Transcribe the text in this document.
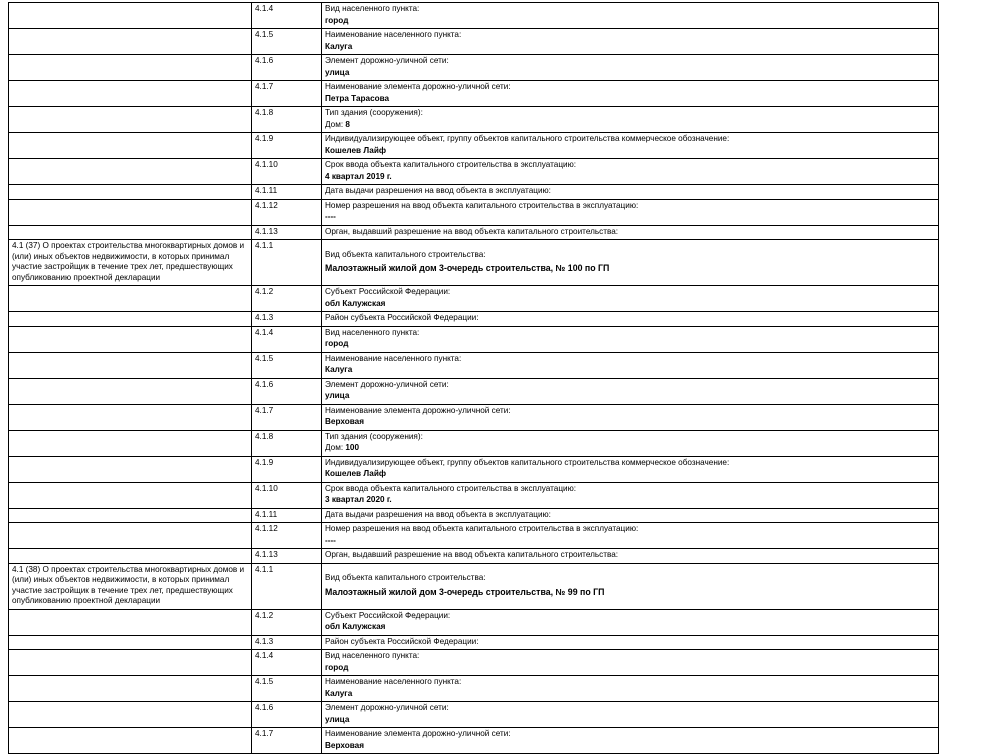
	4.1.4	Вид населенного пункта:
город

	4.1.5	Наименование населенного пункта:
Калуга

	4.1.6	Элемент дорожно-уличной сети:
улица

	4.1.7	Наименование элемента дорожно-уличной сети:
Петра Тарасова

	4.1.8	Тип здания (сооружения):
Дом: 8

	4.1.9	Индивидуализирующее объект, группу объектов капитального строительства коммерческое обозначение:
Кошелев Лайф

	4.1.10	Срок ввода объекта капитального строительства в эксплуатацию:
4 квартал 2019 г.

	4.1.11	Дата выдачи разрешения на ввод объекта в эксплуатацию:

	4.1.12	Номер разрешения на ввод объекта капитального строительства в эксплуатацию:
----

	4.1.13	Орган, выдавший разрешение на ввод объекта капитального строительства:

4.1 (37) О проектах строительства многоквартирных домов и (или) иных объектов недвижимости, в которых принимал участие застройщик в течение трех лет, предшествующих опубликованию проектной декларации	4.1.1	Вид объекта капитального строительства:
Малоэтажный жилой дом 3-очередь строительства, № 100 по ГП

	4.1.2	Субъект Российской Федерации:
обл Калужская

	4.1.3	Район субъекта Российской Федерации:

	4.1.4	Вид населенного пункта:
город

	4.1.5	Наименование населенного пункта:
Калуга

	4.1.6	Элемент дорожно-уличной сети:
улица

	4.1.7	Наименование элемента дорожно-уличной сети:
Верховая

	4.1.8	Тип здания (сооружения):
Дом: 100

	4.1.9	Индивидуализирующее объект, группу объектов капитального строительства коммерческое обозначение:
Кошелев Лайф

	4.1.10	Срок ввода объекта капитального строительства в эксплуатацию:
3 квартал 2020 г.

	4.1.11	Дата выдачи разрешения на ввод объекта в эксплуатацию:

	4.1.12	Номер разрешения на ввод объекта капитального строительства в эксплуатацию:
----

	4.1.13	Орган, выдавший разрешение на ввод объекта капитального строительства:

4.1 (38) О проектах строительства многоквартирных домов и (или) иных объектов недвижимости, в которых принимал участие застройщик в течение трех лет, предшествующих опубликованию проектной декларации	4.1.1	Вид объекта капитального строительства:
Малоэтажный жилой дом 3-очередь строительства, № 99 по ГП

	4.1.2	Субъект Российской Федерации:
обл Калужская

	4.1.3	Район субъекта Российской Федерации:

	4.1.4	Вид населенного пункта:
город

	4.1.5	Наименование населенного пункта:
Калуга

	4.1.6	Элемент дорожно-уличной сети:
улица

	4.1.7	Наименование элемента дорожно-уличной сети:
Верховая
